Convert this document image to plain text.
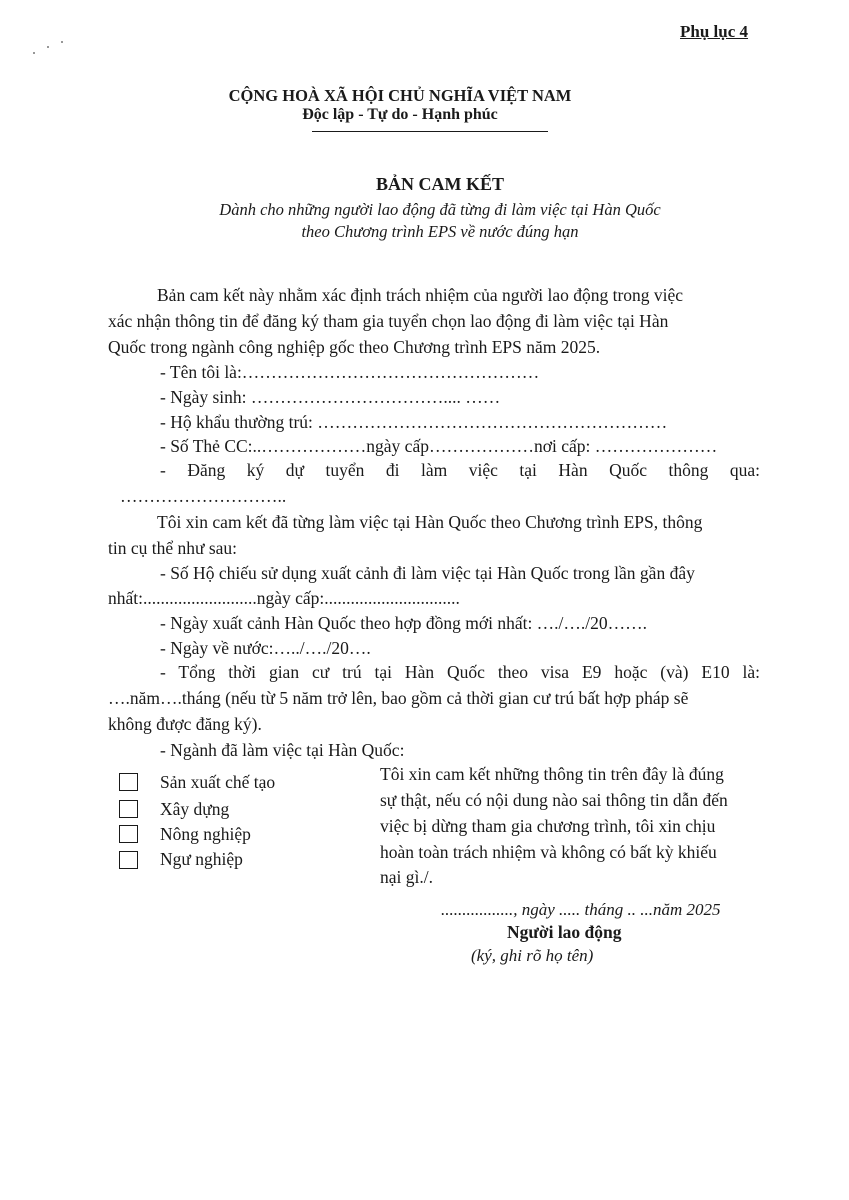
Phụ lục 4
CỘNG HOÀ XÃ HỘI CHỦ NGHĨA VIỆT NAM
Độc lập - Tự do - Hạnh phúc
BẢN CAM KẾT
Dành cho những người lao động đã từng đi làm việc tại Hàn Quốc
theo Chương trình EPS về nước đúng hạn
Bản cam kết này nhằm xác định trách nhiệm của người lao động trong việc
xác nhận thông tin để đăng ký tham gia tuyển chọn lao động đi làm việc tại Hàn
Quốc trong ngành công nghiệp gốc theo Chương trình EPS năm 2025.
- Tên tôi là:……………………………………………
- Ngày sinh: …………………………….... ……
- Hộ khẩu thường trú: ……………………………………………………
- Số Thẻ CC:..………………ngày cấp………………nơi cấp: …………………
- Đăng ký dự tuyển đi làm việc tại Hàn Quốc thông qua:
………………………..
Tôi xin cam kết đã từng làm việc tại Hàn Quốc theo Chương trình EPS, thông
tin cụ thể như sau:
- Số Hộ chiếu sử dụng xuất cảnh đi làm việc tại Hàn Quốc trong lần gần đây
nhất:..........................ngày cấp:...............................
- Ngày xuất cảnh Hàn Quốc theo hợp đồng mới nhất: …./…./20…….
- Ngày về nước:…../…./20….
- Tổng thời gian cư trú tại Hàn Quốc theo visa E9 hoặc (và) E10 là:
….năm….tháng (nếu từ 5 năm trở lên, bao gồm cả thời gian cư trú bất hợp pháp sẽ
không được đăng ký).
- Ngành đã làm việc tại Hàn Quốc:
Sản xuất chế tạo
Xây dựng
Nông nghiệp
Ngư nghiệp
Tôi xin cam kết những thông tin trên đây là đúng
sự thật, nếu có nội dung nào sai thông tin dẫn đến
việc bị dừng tham gia chương trình, tôi xin chịu
hoàn toàn trách nhiệm và không có bất kỳ khiếu
nại gì./.
................., ngày ..... tháng .. ...năm 2025
Người lao động
(ký, ghi rõ họ tên)
